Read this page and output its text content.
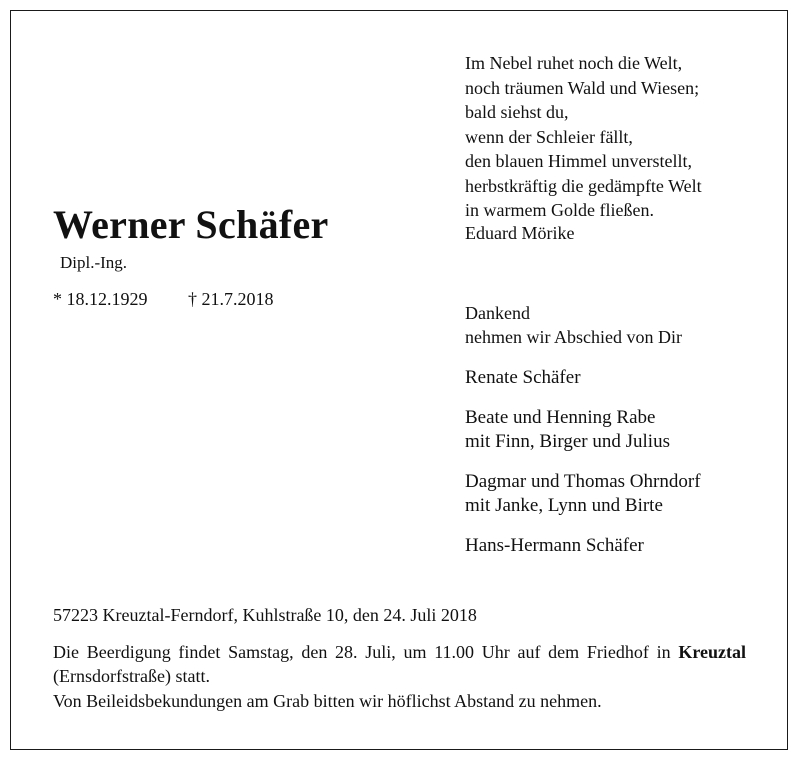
Im Nebel ruhet noch die Welt,
noch träumen Wald und Wiesen;
bald siehst du,
wenn der Schleier fällt,
den blauen Himmel unverstellt,
herbstkräftig die gedämpfte Welt
in warmem Golde fließen.
Eduard Mörike
Werner Schäfer
Dipl.-Ing.
* 18.12.1929 † 21.7.2018
Dankend
nehmen wir Abschied von Dir
Renate Schäfer
Beate und Henning Rabe
mit Finn, Birger und Julius
Dagmar und Thomas Ohrndorf
mit Janke, Lynn und Birte
Hans-Hermann Schäfer
57223 Kreuztal-Ferndorf, Kuhlstraße 10, den 24. Juli 2018
Die Beerdigung findet Samstag, den 28. Juli, um 11.00 Uhr auf dem Friedhof in Kreuztal (Ernsdorfstraße) statt.
Von Beileidsbekundungen am Grab bitten wir höflichst Abstand zu nehmen.
